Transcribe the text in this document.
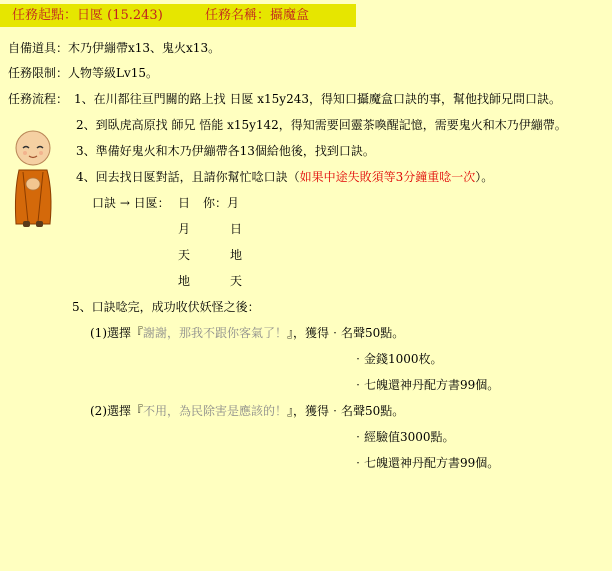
任務起點：日匽 (15.243)	任務名稱：攝魔盒
自備道具：木乃伊繃帶x13、鬼火x13。
任務限制：人物等級Lv15。
任務流程： 1、在川都往亘門關的路上找 日匽 x15y243，得知口攝魔盒口訣的事，幫他找師兄問口訣。
2、到臥虎高原找 師兄 悟能 x15y142，得知需要回靈茶喚醒記憶，需要鬼火和木乃伊繃帶。
3、準備好鬼火和木乃伊繃帶各13個給他後，找到口訣。
4、回去找日匽對話，且請你幫忙唸口訣（如果中途失敗須等3分鐘重唸一次）。
口訣 → 日匽： 日 你：月
月	日
天	地
地	天
5、口訣唸完，成功收伏妖怪之後：
(1)選擇『謝謝，那我不跟你客氣了！』，獲得‧名聲50點。
‧金錢1000枚。
‧七魄還神丹配方書99個。
(2)選擇『不用，為民除害是應該的！』，獲得‧名聲50點。
‧經驗值3000點。
‧七魄還神丹配方書99個。
